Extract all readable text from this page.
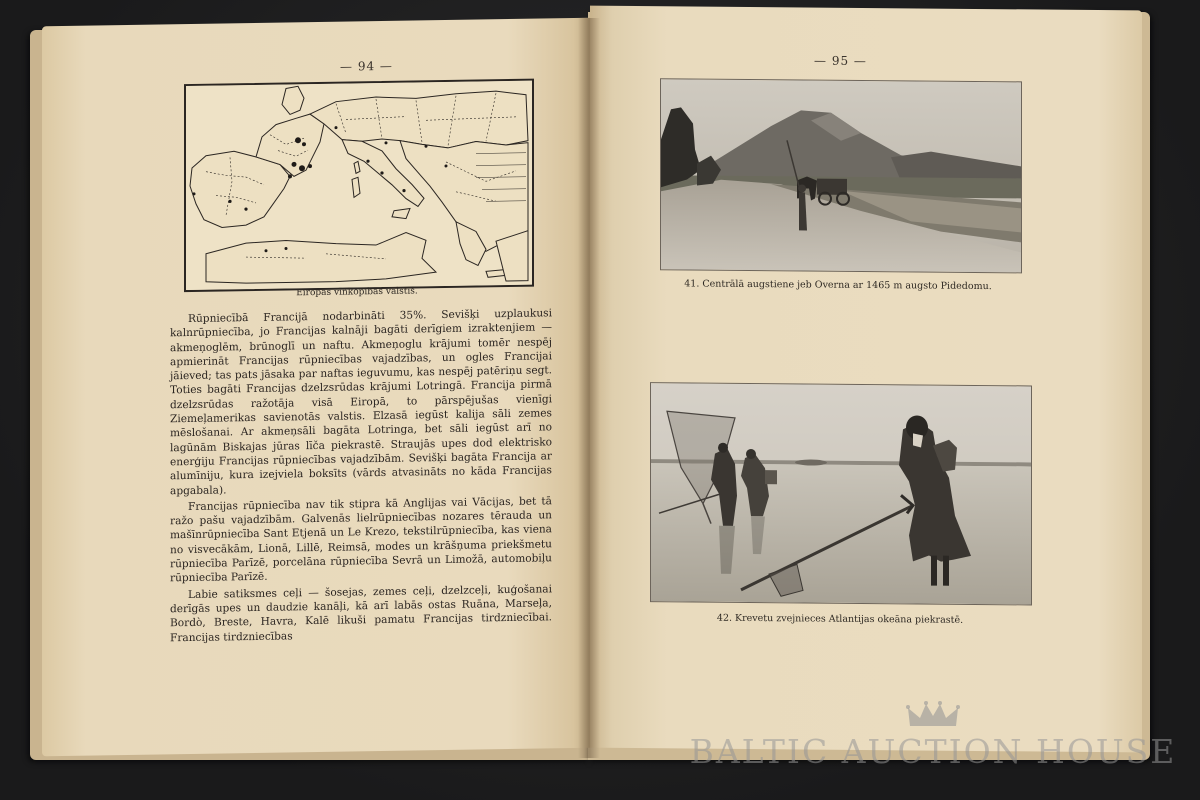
— 94 —
Eiropas vīnkopības valstis.

Rūpniecībā Francijā nodarbināti 35%. Sevišķi uzplaukusi kalnrūpniecība, jo Francijas kalnāji bagāti derīgiem izraktenjiem — akmeņoglēm, brūnoglī un naftu. Akmeņoglu krājumi tomēr nespēj apmierināt Francijas rūpniecības vajadzības, un ogles Francijai jāieved; tas pats jāsaka par naftas ieguvumu, kas nespēj patēriņu segt. Toties bagāti Francijas dzelzsrūdas krājumi Lotringā. Francija pirmā dzelzsrūdas ražotāja visā Eiropā, to pārspējušas vienīgi Ziemeļamerikas savienotās valstis. Elzasā iegūst kalija sāli zemes mēslošanai. Ar akmeņsāli bagāta Lotringa, bet sāli iegūst arī no lagūnām Biskajas jūras līča piekrastē. Straujās upes dod elektrisko enerģiju Francijas rūpniecības vajadzībām. Sevišķi bagāta Francija ar alumīniju, kura izejviela boksīts (vārds atvasināts no kāda Francijas apgabala).

Francijas rūpniecība nav tik stipra kā Anglijas vai Vācijas, bet tā ražo pašu vajadzībām. Galvenās lielrūpniecības nozares tērauda un mašīnrūpniecība Sant Etjenā un Le Krezo, tekstilrūpniecība, kas viena no visvecākām, Lionā, Lillē, Reimsā, modes un krāšņuma priekšmetu rūpniecība Parīzē, porcelāna rūpniecība Sevrā un Limožā, automobiļu rūpniecība Parīzē.

Labie satiksmes ceļi — šosejas, zemes ceļi, dzelzceļi, kuģošanai derīgās upes un daudzie kanāļi, kā arī labās ostas Ruāna, Marseļa, Bordò, Breste, Havra, Kalē likuši pamatu Francijas tirdzniecībai. Francijas tirdzniecības

— 95 —
41. Centrālā augstiene jeb Overna ar 1465 m augsto Pidedomu.
42. Krevetu zvejnieces Atlantijas okeāna piekrastē.
BALTIC AUCTION HOUSE
